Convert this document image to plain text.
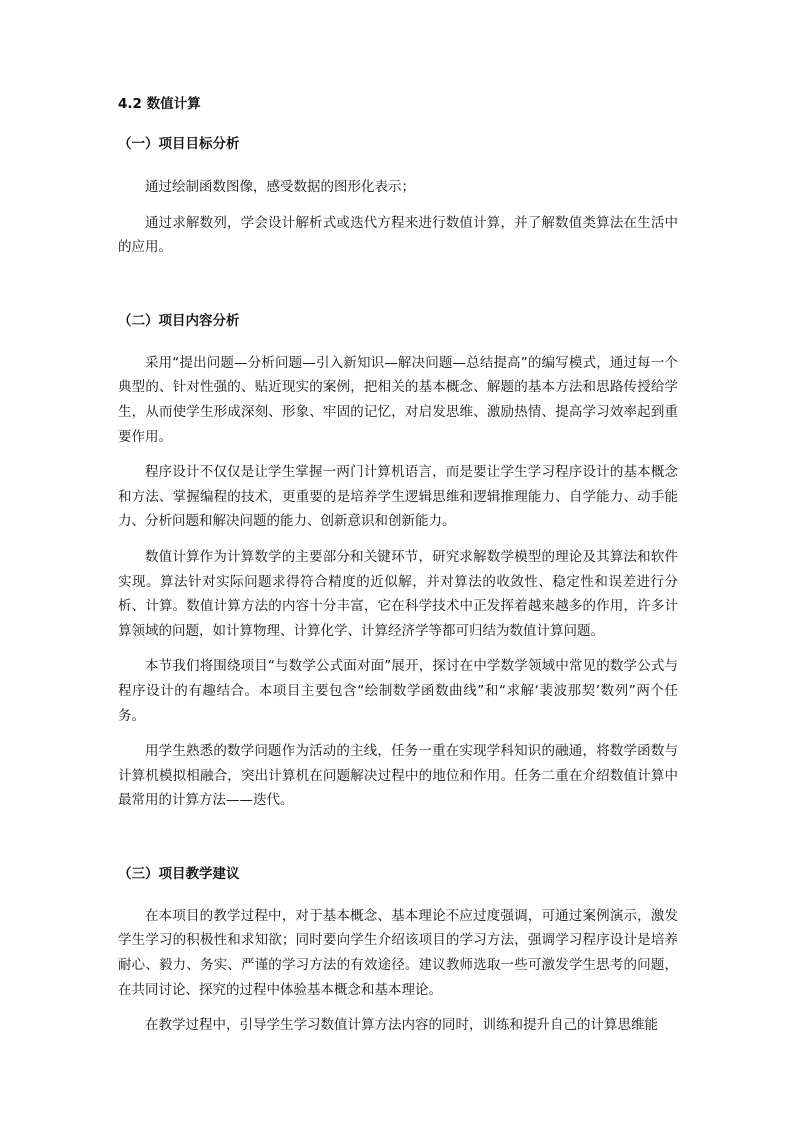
4.2 数值计算
（一）项目目标分析

通过绘制函数图像，感受数据的图形化表示；

通过求解数列，学会设计解析式或迭代方程来进行数值计算，并了解数值类算法在生活中的应用。

（二）项目内容分析

采用“提出问题—分析问题—引入新知识—解决问题—总结提高”的编写模式，通过每一个典型的、针对性强的、贴近现实的案例，把相关的基本概念、解题的基本方法和思路传授给学生，从而使学生形成深刻、形象、牢固的记忆，对启发思维、激励热情、提高学习效率起到重要作用。

程序设计不仅仅是让学生掌握一两门计算机语言，而是要让学生学习程序设计的基本概念和方法、掌握编程的技术，更重要的是培养学生逻辑思维和逻辑推理能力、自学能力、动手能力、分析问题和解决问题的能力、创新意识和创新能力。

数值计算作为计算数学的主要部分和关键环节，研究求解数学模型的理论及其算法和软件实现。算法针对实际问题求得符合精度的近似解，并对算法的收敛性、稳定性和误差进行分析、计算。数值计算方法的内容十分丰富，它在科学技术中正发挥着越来越多的作用，许多计算领域的问题，如计算物理、计算化学、计算经济学等都可归结为数值计算问题。

本节我们将围绕项目“与数学公式面对面”展开，探讨在中学数学领域中常见的数学公式与程序设计的有趣结合。本项目主要包含“绘制数学函数曲线”和“求解‘裴波那契’数列”两个任务。

用学生熟悉的数学问题作为活动的主线，任务一重在实现学科知识的融通，将数学函数与计算机模拟相融合，突出计算机在问题解决过程中的地位和作用。任务二重在介绍数值计算中最常用的计算方法——迭代。

（三）项目教学建议

在本项目的教学过程中，对于基本概念、基本理论不应过度强调，可通过案例演示，激发学生学习的积极性和求知欲；同时要向学生介绍该项目的学习方法，强调学习程序设计是培养耐心、毅力、务实、严谨的学习方法的有效途径。建议教师选取一些可激发学生思考的问题，在共同讨论、探究的过程中体验基本概念和基本理论。

在教学过程中，引导学生学习数值计算方法内容的同时，训练和提升自己的计算思维能
